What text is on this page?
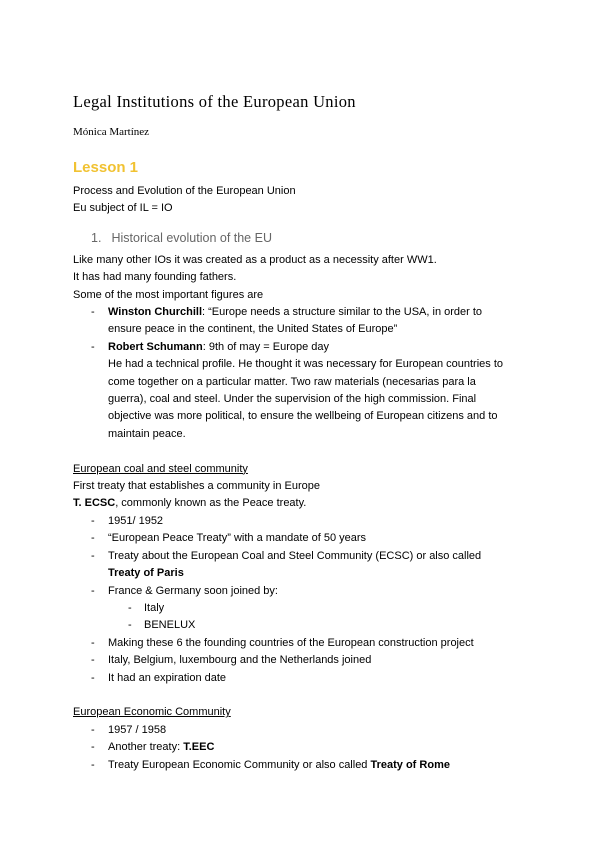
Legal Institutions of the European Union
Mónica Martínez
Lesson 1
Process and Evolution of the European Union
Eu subject of IL = IO
1. Historical evolution of the EU
Like many other IOs it was created as a product as a necessity after WW1.
It has had many founding fathers.
Some of the most important figures are
- Winston Churchill: “Europe needs a structure similar to the USA, in order to
ensure peace in the continent, the United States of Europe”
- Robert Schumann: 9th of may = Europe day
He had a technical profile. He thought it was necessary for European countries to
come together on a particular matter. Two raw materials (necesarias para la
guerra), coal and steel. Under the supervision of the high commission. Final
objective was more political, to ensure the wellbeing of European citizens and to
maintain peace.
European coal and steel community
First treaty that establishes a community in Europe
T. ECSC, commonly known as the Peace treaty.
- 1951/ 1952
- “European Peace Treaty” with a mandate of 50 years
- Treaty about the European Coal and Steel Community (ECSC) or also called
Treaty of Paris
- France & Germany soon joined by:
- Italy
- BENELUX
- Making these 6 the founding countries of the European construction project
- Italy, Belgium, luxembourg and the Netherlands joined
- It had an expiration date
European Economic Community
- 1957 / 1958
- Another treaty: T.EEC
- Treaty European Economic Community or also called Treaty of Rome
